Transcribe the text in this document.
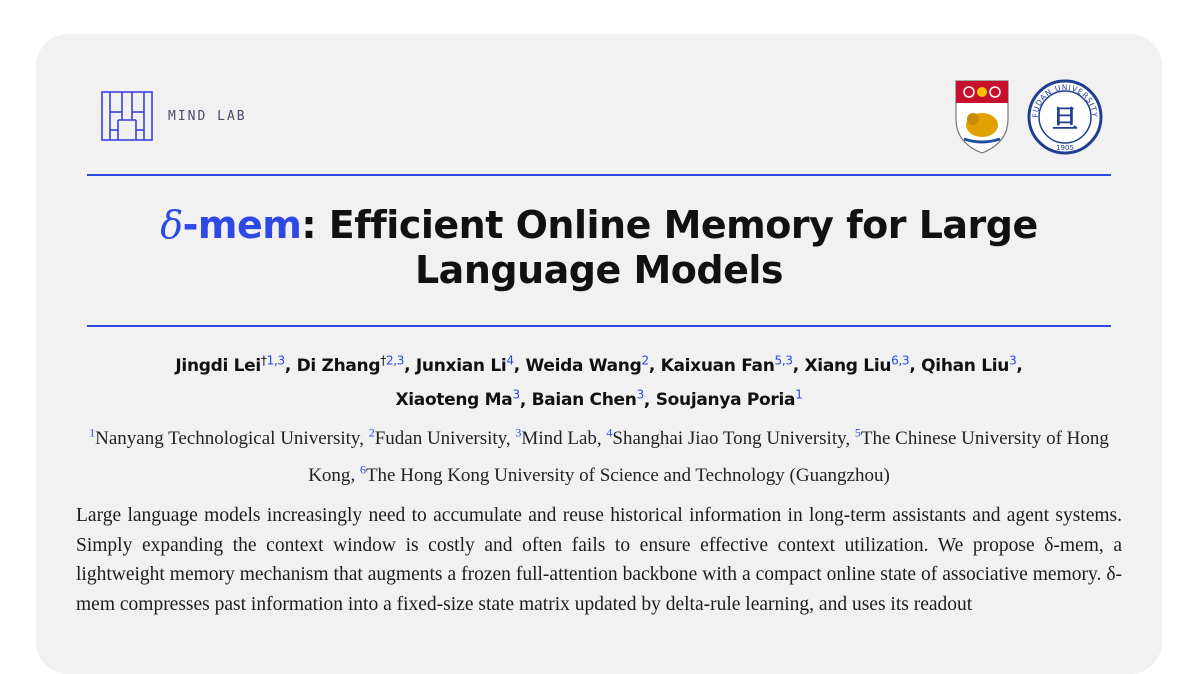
MIND LAB	FUDAN UNIVERSITY
旦
1905
δ-mem: Efficient Online Memory for Large
Language Models
Jingdi Lei$^{\dagger 1,3}$, Di Zhang$^{\dagger 2,3}$, Junxian Li$^4$, Weida Wang$^2$, Kaixuan Fan$^{5,3}$, Xiang Liu$^{6,3}$, Qihan Liu$^3$,
Xiaoteng Ma$^3$, Baian Chen$^3$, Soujanya Poria$^1$
$^1$Nanyang Technological University, $^2$Fudan University, $^3$Mind Lab, $^4$Shanghai Jiao Tong University, $^5$The Chinese University of Hong Kong, $^6$The Hong Kong University of Science and Technology (Guangzhou)

Large language models increasingly need to accumulate and reuse historical information in long-term assistants and agent systems. Simply expanding the context window is costly and often fails to ensure effective context utilization. We propose δ-mem, a lightweight memory mechanism that augments a frozen full-attention backbone with a compact online state of associative memory. δ-mem compresses past information into a fixed-size state matrix updated by delta-rule learning, and uses its readout
